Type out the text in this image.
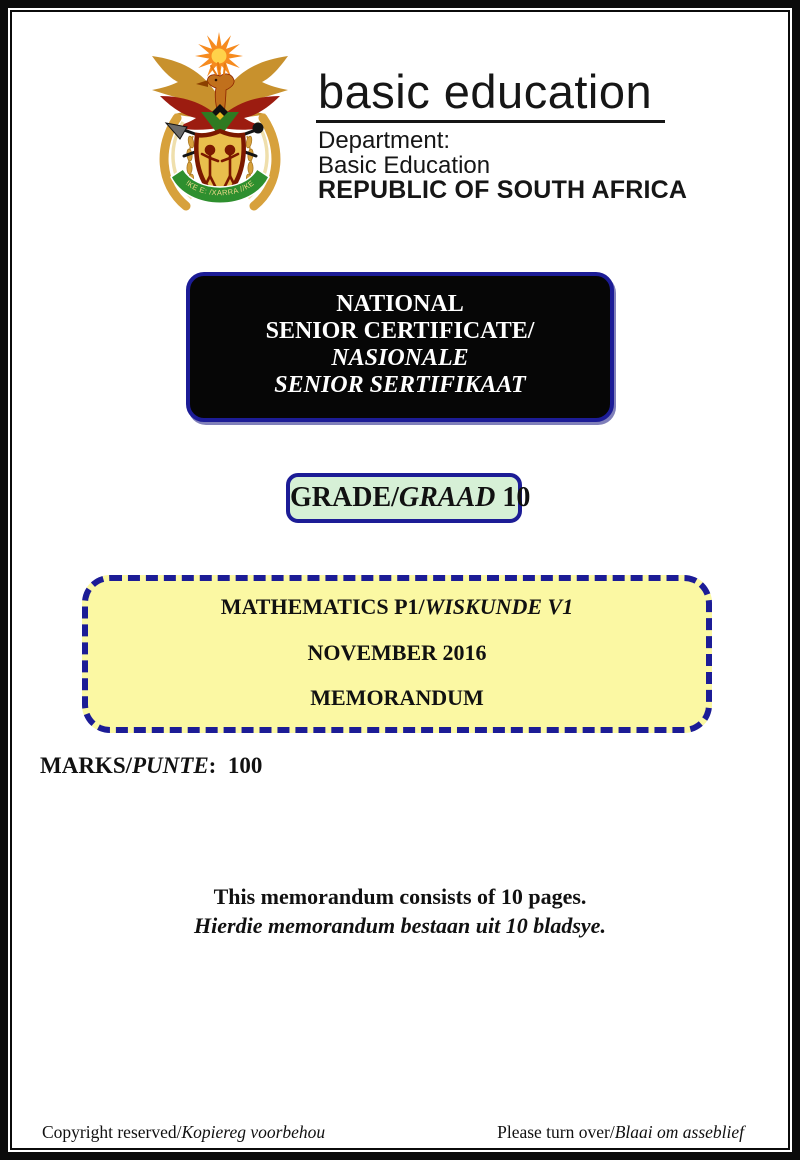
!KE E: /XARRA //KE
basic education
Department:
Basic Education
REPUBLIC OF SOUTH AFRICA
NATIONAL
SENIOR CERTIFICATE/
NASIONALE
SENIOR SERTIFIKAAT
GRADE/GRAAD 10
MATHEMATICS P1/WISKUNDE V1
NOVEMBER 2016
MEMORANDUM
MARKS/PUNTE:  100
This memorandum consists of 10 pages.
Hierdie memorandum bestaan uit 10 bladsye.
Copyright reserved/Kopiereg voorbehou	Please turn over/Blaai om asseblief
